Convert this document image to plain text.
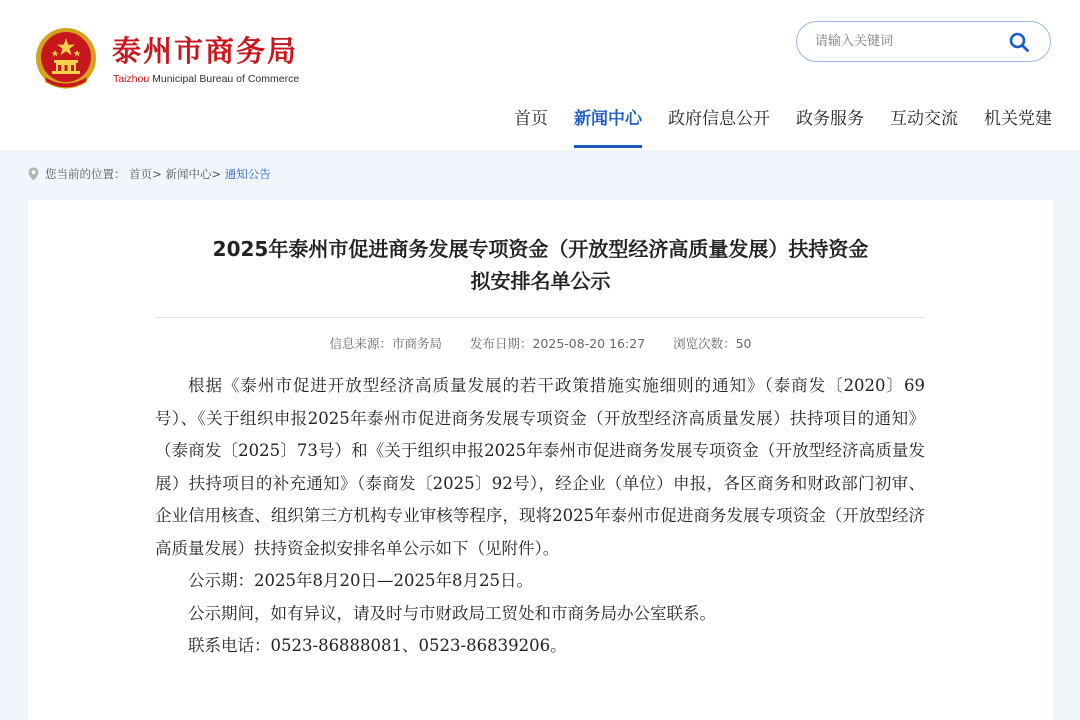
泰州市商务局
Taizhou Municipal Bureau of Commerce
请输入关键词
首页 新闻中心 政府信息公开 政务服务 互动交流 机关党建
您当前的位置： 首页> 新闻中心> 通知公告
2025年泰州市促进商务发展专项资金（开放型经济高质量发展）扶持资金
拟安排名单公示
信息来源：市商务局 发布日期：2025-08-20 16:27 浏览次数：50

根据《泰州市促进开放型经济高质量发展的若干政策措施实施细则的通知》（泰商发〔2020〕69号）、《关于组织申报2025年泰州市促进商务发展专项资金（开放型经济高质量发展）扶持项目的通知》（泰商发〔2025〕73号）和《关于组织申报2025年泰州市促进商务发展专项资金（开放型经济高质量发展）扶持项目的补充通知》（泰商发〔2025〕92号），经企业（单位）申报，各区商务和财政部门初审、企业信用核查、组织第三方机构专业审核等程序，现将2025年泰州市促进商务发展专项资金（开放型经济高质量发展）扶持资金拟安排名单公示如下（见附件）。

公示期：2025年8月20日—2025年8月25日。

公示期间，如有异议，请及时与市财政局工贸处和市商务局办公室联系。

联系电话：0523-86888081、0523-86839206。
